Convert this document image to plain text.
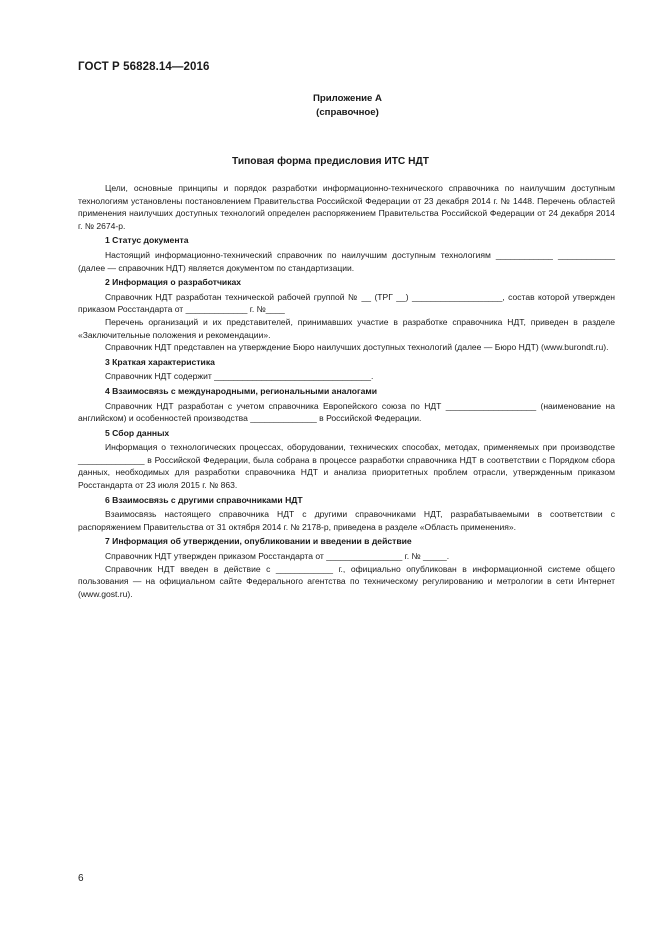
ГОСТ Р 56828.14—2016
Приложение А
(справочное)
Типовая форма предисловия ИТС НДТ

Цели, основные принципы и порядок разработки информационно-технического справочника по наилучшим доступным технологиям установлены постановлением Правительства Российской Федерации от 23 декабря 2014 г. № 1448. Перечень областей применения наилучших доступных технологий определен распоряжением Правительства Российской Федерации от 24 декабря 2014 г. № 2674-р.

1 Статус документа

Настоящий информационно-технический справочник по наилучшим доступным технологиям ____________ ____________ (далее — справочник НДТ) является документом по стандартизации.

2 Информация о разработчиках

Справочник НДТ разработан технической рабочей группой № __ (ТРГ __) ___________________, состав которой утвержден приказом Росстандарта от _____________ г. №____

Перечень организаций и их представителей, принимавших участие в разработке справочника НДТ, приведен в разделе «Заключительные положения и рекомендации».

Справочник НДТ представлен на утверждение Бюро наилучших доступных технологий (далее — Бюро НДТ) (www.burondt.ru).

3 Краткая характеристика

Справочник НДТ содержит _________________________________.

4 Взаимосвязь с международными, региональными аналогами

Справочник НДТ разработан с учетом справочника Европейского союза по НДТ ___________________ (наименование на английском) и особенностей производства ______________ в Российской Федерации.

5 Сбор данных

Информация о технологических процессах, оборудовании, технических способах, методах, применяемых при производстве ______________ в Российской Федерации, была собрана в процессе разработки справочника НДТ в соответствии с Порядком сбора данных, необходимых для разработки справочника НДТ и анализа приоритетных проблем отрасли, утвержденным приказом Росстандарта от 23 июля 2015 г. № 863.

6 Взаимосвязь с другими справочниками НДТ

Взаимосвязь настоящего справочника НДТ с другими справочниками НДТ, разрабатываемыми в соответствии с распоряжением Правительства от 31 октября 2014 г. № 2178-р, приведена в разделе «Область применения».

7 Информация об утверждении, опубликовании и введении в действие

Справочник НДТ утвержден приказом Росстандарта от ________________ г. № _____.

Справочник НДТ введен в действие с ____________ г., официально опубликован в информационной системе общего пользования — на официальном сайте Федерального агентства по техническому регулированию и метрологии в сети Интернет (www.gost.ru).

6
